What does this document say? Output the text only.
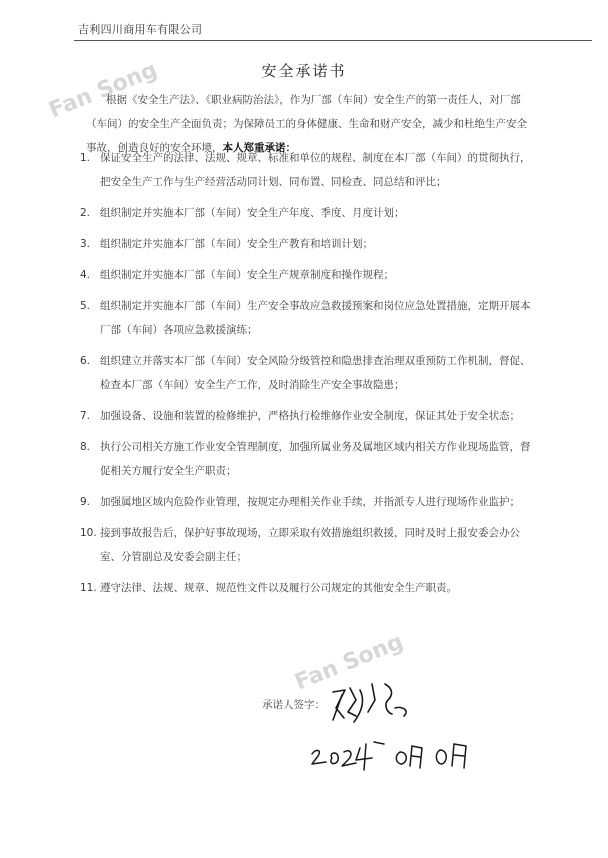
吉利四川商用车有限公司
Fan Song	安全承诺书
根据《安全生产法》、《职业病防治法》，作为厂部（车间）安全生产的第一责任人，对厂部（车间）的安全生产全面负责；为保障员工的身体健康、生命和财产安全，减少和杜绝生产安全事故，创造良好的安全环境，本人郑重承诺：
1. 保证安全生产的法律、法规、规章、标准和单位的规程、制度在本厂部（车间）的贯彻执行，把安全生产工作与生产经营活动同计划、同布置、同检查、同总结和评比；
2. 组织制定并实施本厂部（车间）安全生产年度、季度、月度计划；
3. 组织制定并实施本厂部（车间）安全生产教育和培训计划；
4. 组织制定并实施本厂部（车间）安全生产规章制度和操作规程；
5. 组织制定并实施本厂部（车间）生产安全事故应急救援预案和岗位应急处置措施，定期开展本厂部（车间）各项应急救援演练；
6. 组织建立并落实本厂部（车间）安全风险分级管控和隐患排查治理双重预防工作机制，督促、检查本厂部（车间）安全生产工作，及时消除生产安全事故隐患；
7. 加强设备、设施和装置的检修维护，严格执行检维修作业安全制度，保证其处于安全状态；
8. 执行公司相关方施工作业安全管理制度，加强所属业务及属地区域内相关方作业现场监管，督促相关方履行安全生产职责；
9. 加强属地区域内危险作业管理，按规定办理相关作业手续，并指派专人进行现场作业监护；
10. 接到事故报告后，保护好事故现场，立即采取有效措施组织救援，同时及时上报安委会办公室、分管副总及安委会副主任；
11. 遵守法律、法规、规章、规范性文件以及履行公司规定的其他安全生产职责。
Fan Song
承诺人签字：
